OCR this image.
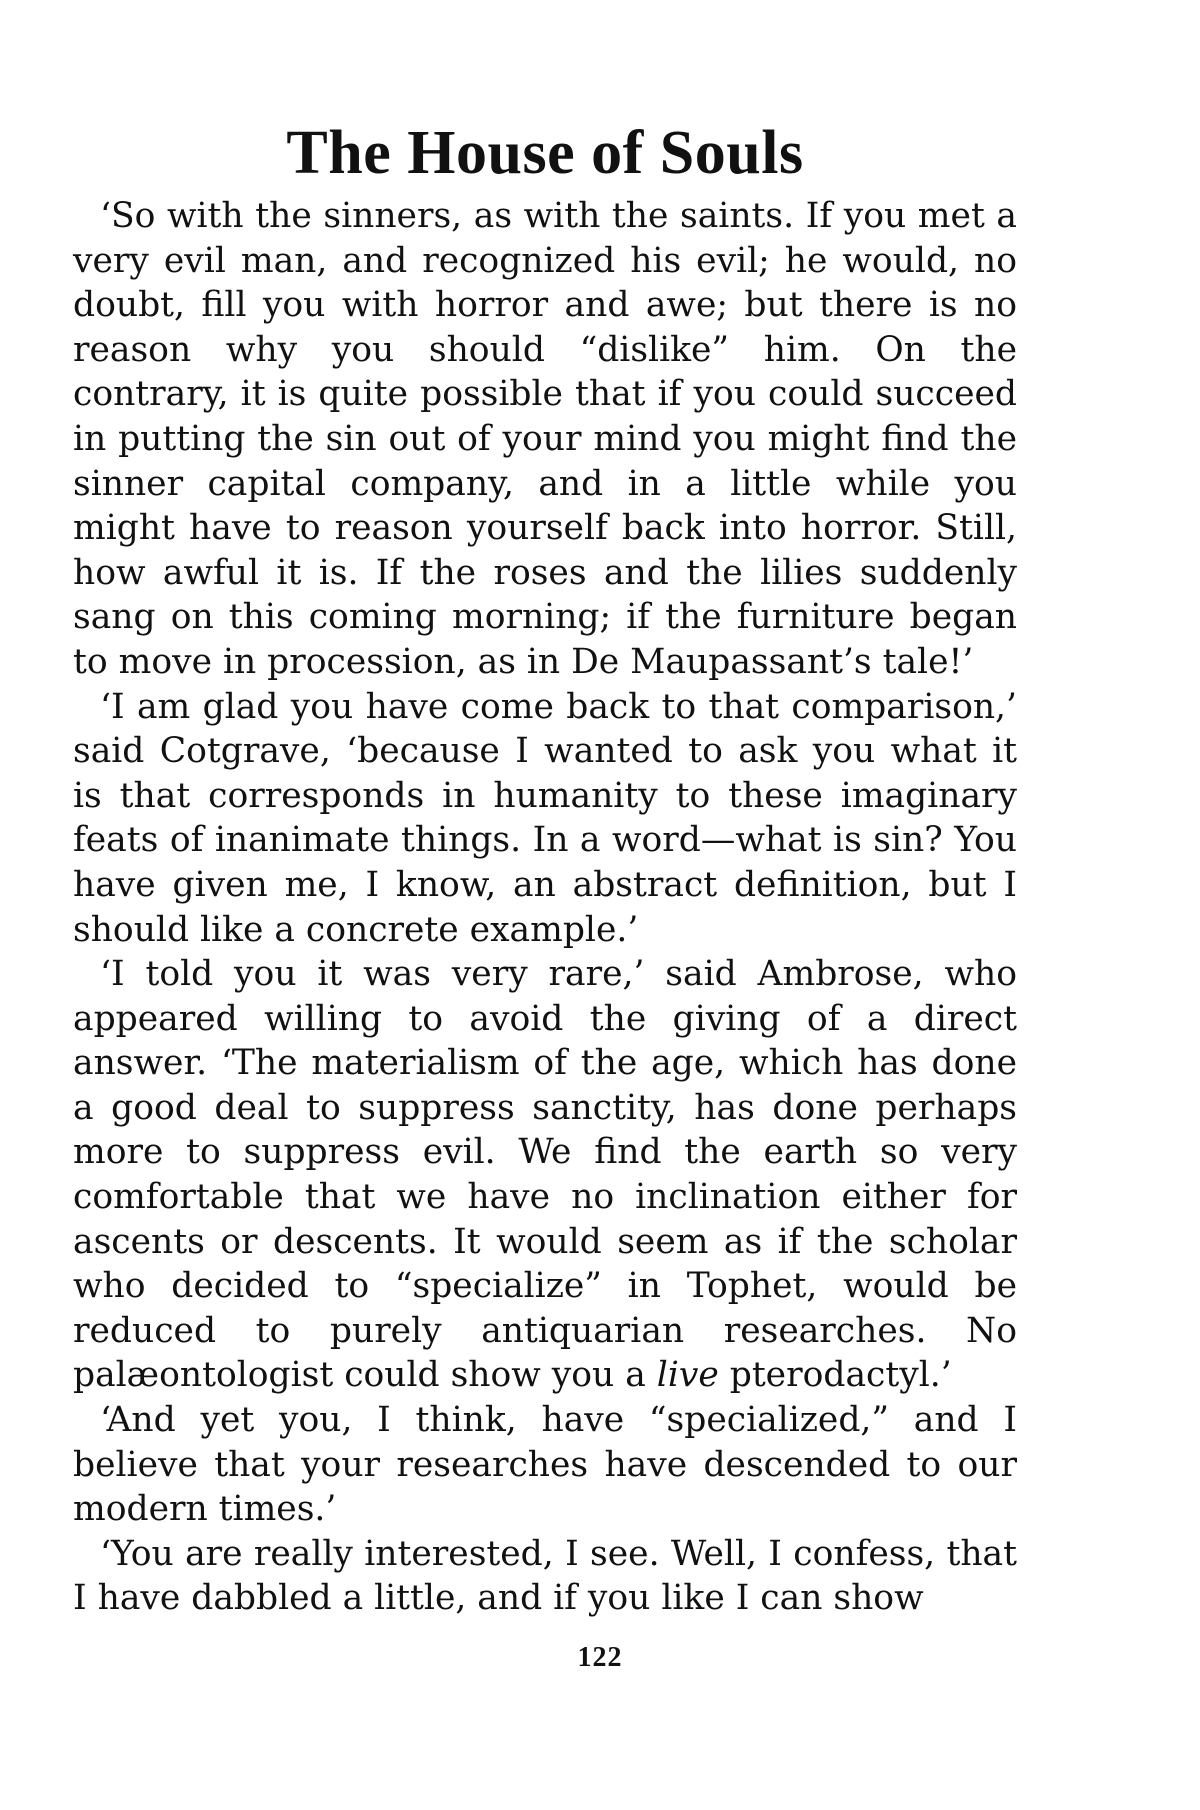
The House of Souls

‘So with the sinners, as with the saints. If you met a very evil man, and recognized his evil; he would, no doubt, fill you with horror and awe; but there is no reason why you should “dislike” him. On the contrary, it is quite possible that if you could succeed in putting the sin out of your mind you might find the sinner capital company, and in a little while you might have to reason yourself back into horror. Still, how awful it is. If the roses and the lilies suddenly sang on this coming morning; if the furniture began to move in procession, as in De Maupassant’s tale!’

‘I am glad you have come back to that comparison,’ said Cotgrave, ‘because I wanted to ask you what it is that corresponds in humanity to these imaginary feats of inanimate things. In a word—what is sin? You have given me, I know, an abstract definition, but I should like a concrete example.’

‘I told you it was very rare,’ said Ambrose, who appeared willing to avoid the giving of a direct answer. ‘The materialism of the age, which has done a good deal to suppress sanctity, has done perhaps more to suppress evil. We find the earth so very comfortable that we have no inclination either for ascents or descents. It would seem as if the scholar who decided to “specialize” in Tophet, would be reduced to purely antiquarian researches. No palæontologist could show you a live pterodactyl.’

‘And yet you, I think, have “specialized,” and I believe that your researches have descended to our modern times.’

‘You are really interested, I see. Well, I confess, that I have dabbled a little, and if you like I can show

122
